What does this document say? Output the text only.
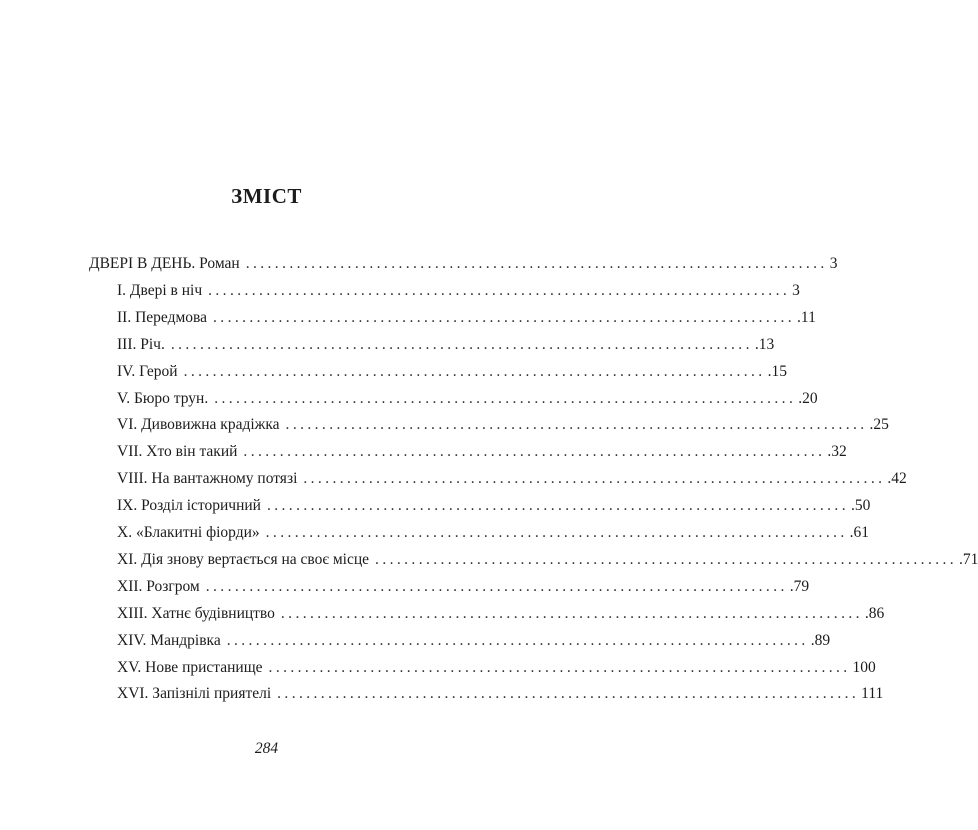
ЗМІСТ
ДВЕРІ В ДЕНЬ. Роман ................................................................................ 3
I. Двері в ніч ................................................................................ 3
II. Передмова ................................................................................ .11
III. Річ. ................................................................................ .13
IV. Герой ................................................................................ .15
V. Бюро трун. ................................................................................ .20
VI. Дивовижна крадіжка ................................................................................ .25
VII. Хто він такий ................................................................................ .32
VIII. На вантажному потязі ................................................................................ .42
IX. Розділ історичний ................................................................................ .50
X. «Блакитні фіорди» ................................................................................ .61
XI. Дія знову вертається на своє місце ................................................................................ .71
XII. Розгром ................................................................................ .79
XIII. Хатнє будівництво ................................................................................ .86
XIV. Мандрівка ................................................................................ .89
XV. Нове пристанище ................................................................................ 100
XVI. Запізнілі приятелі ................................................................................ 111
284
